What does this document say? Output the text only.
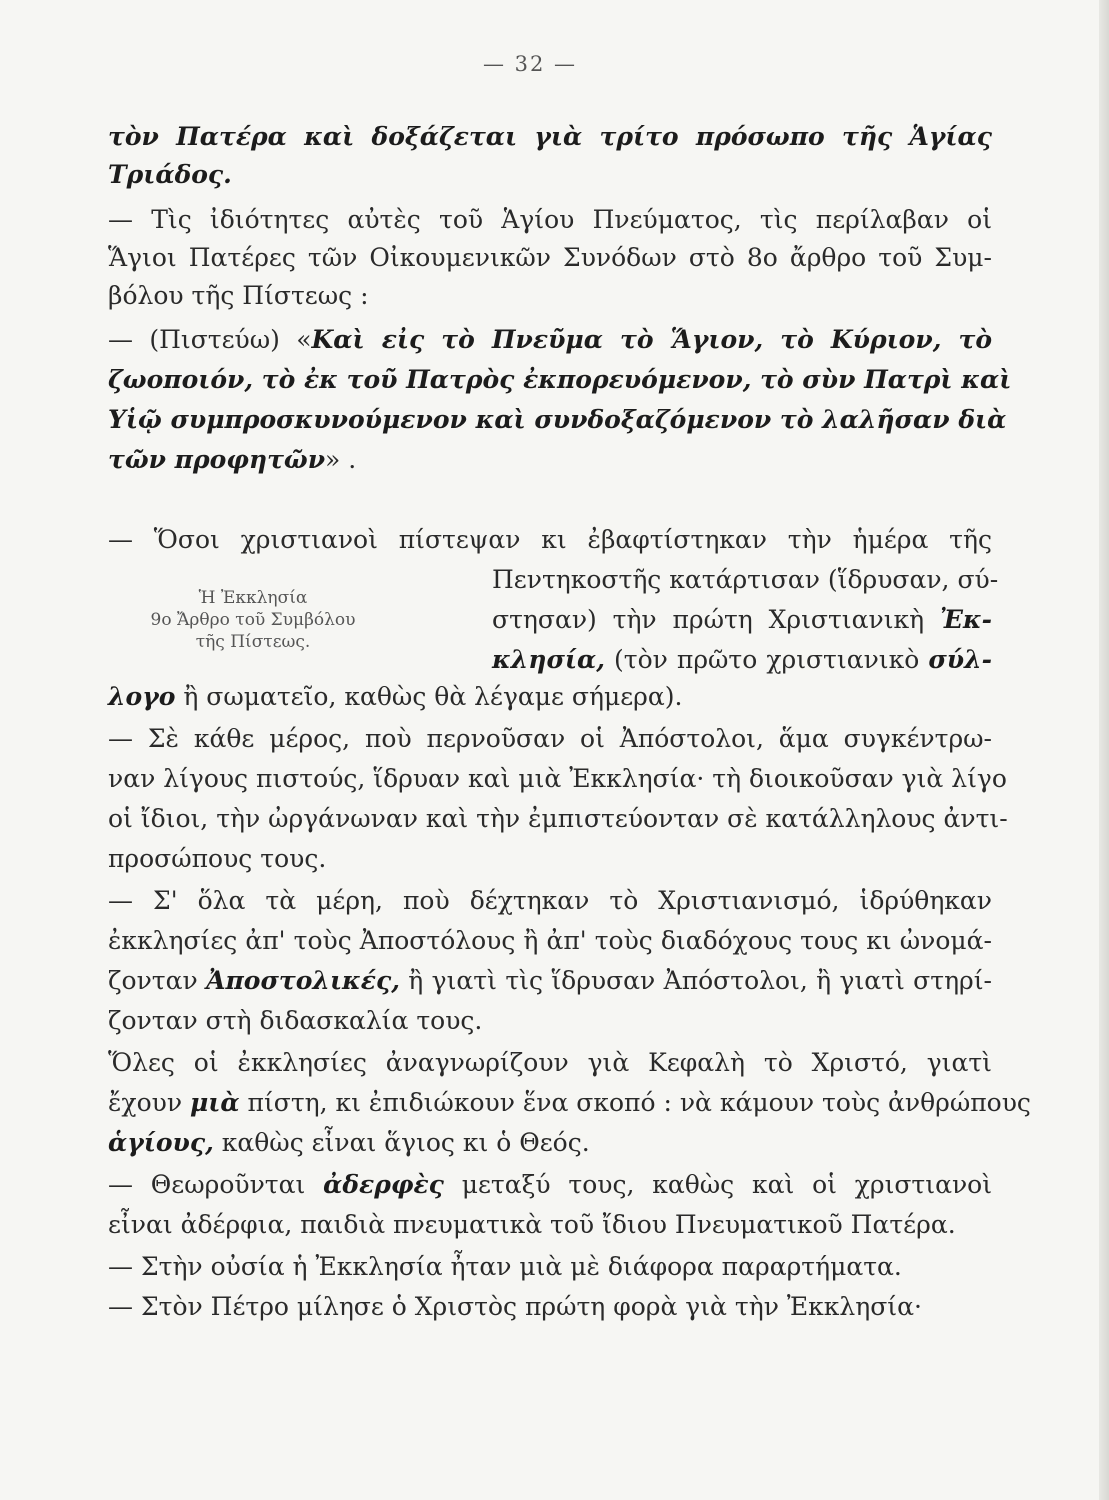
— 32 —
τὸν Πατέρα καὶ δοξάζεται γιὰ τρίτο πρόσωπο τῆς Ἁγίας
Τριάδος.
— Τὶς ἰδιότητες αὐτὲς τοῦ Ἁγίου Πνεύματος, τὶς περίλαβαν οἱ
Ἅγιοι Πατέρες τῶν Οἰκουμενικῶν Συνόδων στὸ 8ο ἄρθρο τοῦ Συμ-
βόλου τῆς Πίστεως :
— (Πιστεύω) «Καὶ εἰς τὸ Πνεῦμα τὸ Ἅγιον, τὸ Κύριον, τὸ
ζωοποιόν, τὸ ἐκ τοῦ Πατρὸς ἐκπορευόμενον, τὸ σὺν Πατρὶ καὶ
Υἱῷ συμπροσκυνούμενον καὶ συνδοξαζόμενον τὸ λαλῆσαν διὰ
τῶν προφητῶν» .
— Ὅσοι χριστιανοὶ πίστεψαν κι ἐβαφτίστηκαν τὴν ἡμέρα τῆς
Ἡ Ἐκκλησία
9ο Ἄρθρο τοῦ Συμβόλου
τῆς Πίστεως.
Πεντηκοστῆς κατάρτισαν (ἵδρυσαν, σύ-
στησαν) τὴν πρώτη Χριστιανικὴ Ἐκ-
κλησία, (τὸν πρῶτο χριστιανικὸ σύλ-
λογο ἢ σωματεῖο, καθὼς θὰ λέγαμε σήμερα).
— Σὲ κάθε μέρος, ποὺ περνοῦσαν οἱ Ἀπόστολοι, ἅμα συγκέντρω-
ναν λίγους πιστούς, ἵδρυαν καὶ μιὰ Ἐκκλησία· τὴ διοικοῦσαν γιὰ λίγο
οἱ ἴδιοι, τὴν ὠργάνωναν καὶ τὴν ἐμπιστεύονταν σὲ κατάλληλους ἀντι-
προσώπους τους.
— Σ' ὅλα τὰ μέρη, ποὺ δέχτηκαν τὸ Χριστιανισμό, ἱδρύθηκαν
ἐκκλησίες ἀπ' τοὺς Ἀποστόλους ἢ ἀπ' τοὺς διαδόχους τους κι ὠνομά-
ζονταν Ἀποστολικές, ἢ γιατὶ τὶς ἵδρυσαν Ἀπόστολοι, ἢ γιατὶ στηρί-
ζονταν στὴ διδασκαλία τους.
Ὅλες οἱ ἐκκλησίες ἀναγνωρίζουν γιὰ Κεφαλὴ τὸ Χριστό, γιατὶ
ἔχουν μιὰ πίστη, κι ἐπιδιώκουν ἕνα σκοπό : νὰ κάμουν τοὺς ἀνθρώπους
ἁγίους, καθὼς εἶναι ἅγιος κι ὁ Θεός.
— Θεωροῦνται ἀδερφὲς μεταξύ τους, καθὼς καὶ οἱ χριστιανοὶ
εἶναι ἀδέρφια, παιδιὰ πνευματικὰ τοῦ ἴδιου Πνευματικοῦ Πατέρα.
— Στὴν οὐσία ἡ Ἐκκλησία ἦταν μιὰ μὲ διάφορα παραρτήματα.
— Στὸν Πέτρο μίλησε ὁ Χριστὸς πρώτη φορὰ γιὰ τὴν Ἐκκλησία·
